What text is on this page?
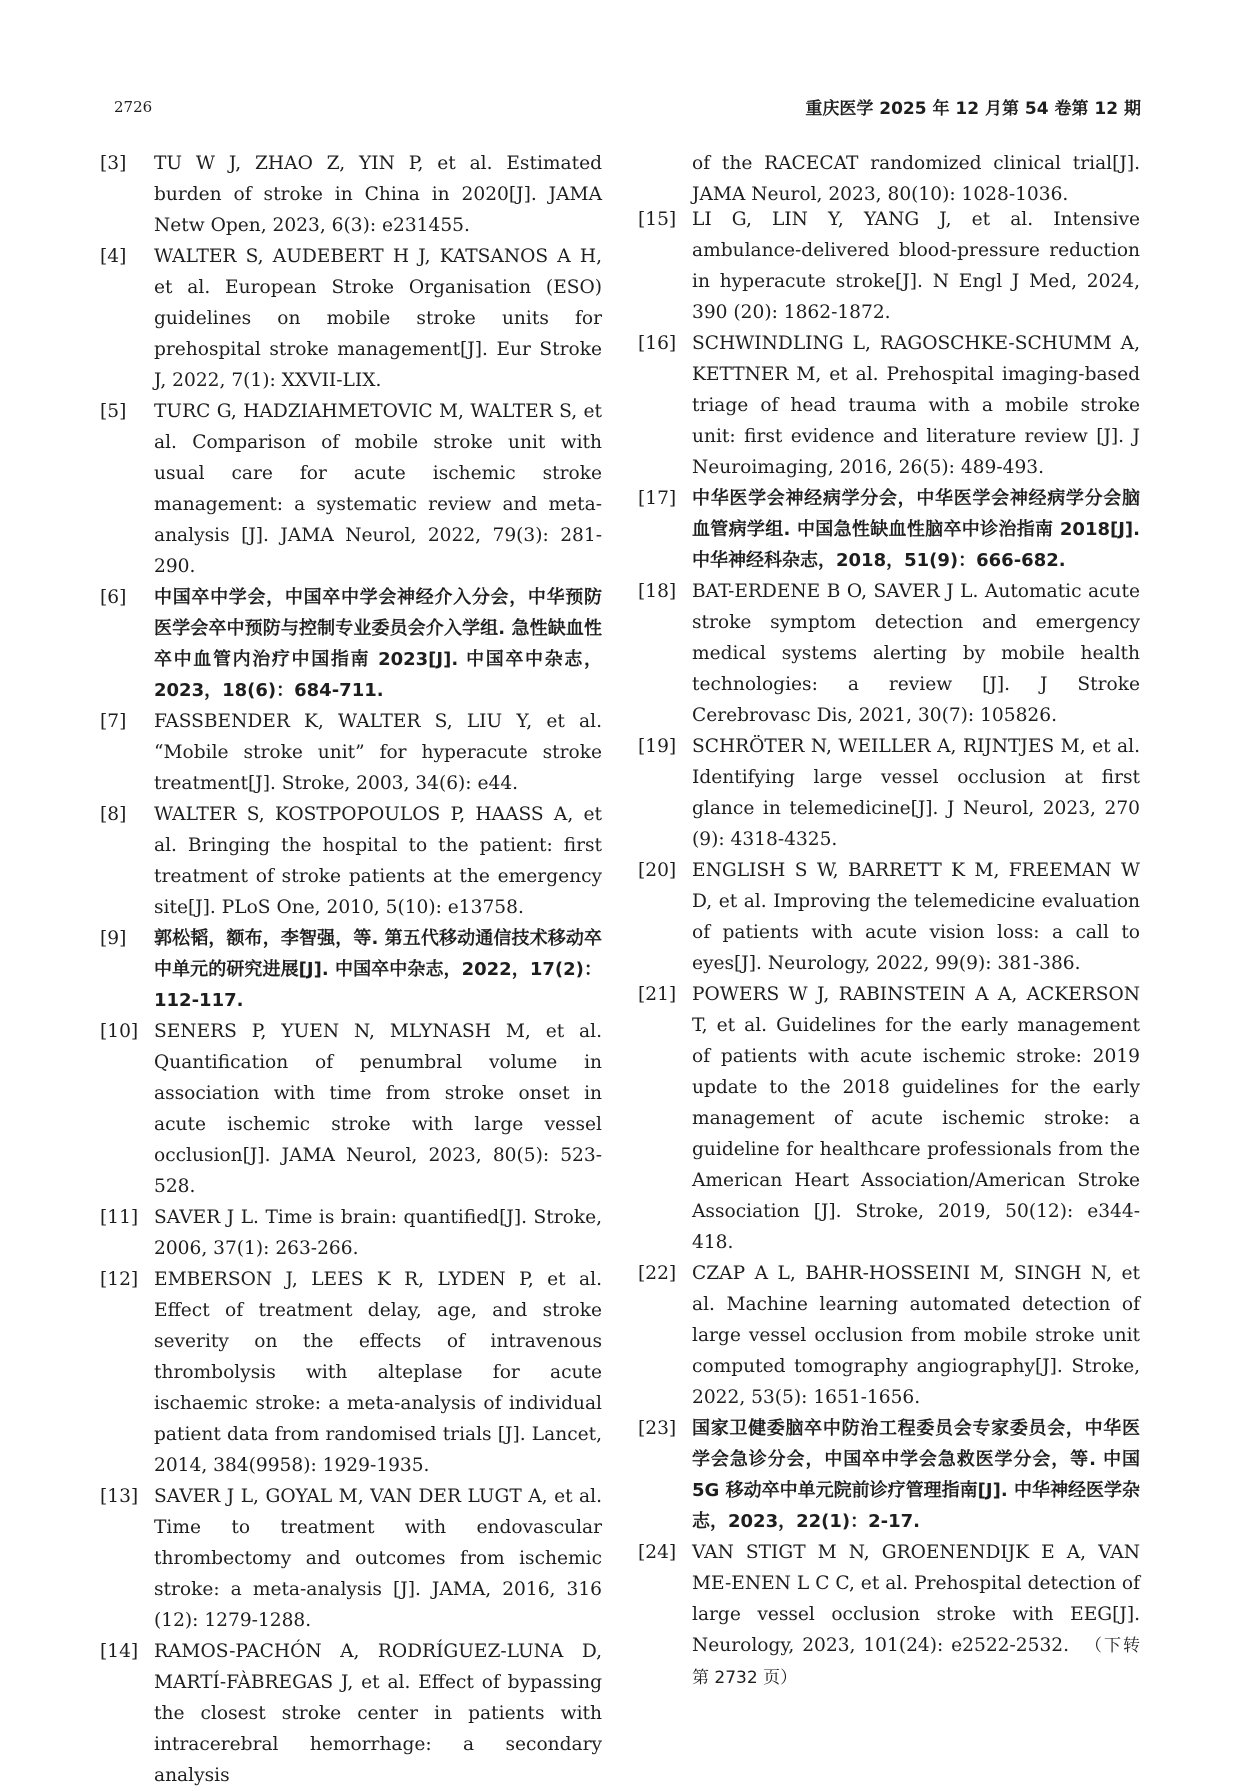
2726	重庆医学 2025 年 12 月第 54 卷第 12 期
[3]	TU W J, ZHAO Z, YIN P, et al. Estimated burden of stroke in China in 2020[J]. JAMA Netw Open, 2023, 6(3): e231455.
[4]	WALTER S, AUDEBERT H J, KATSANOS A H, et al. European Stroke Organisation (ESO) guidelines on mobile stroke units for prehospital stroke management[J]. Eur Stroke J, 2022, 7(1): XXVII-LIX.
[5]	TURC G, HADZIAHMETOVIC M, WALTER S, et al. Comparison of mobile stroke unit with usual care for acute ischemic stroke management: a systematic review and meta-analysis [J]. JAMA Neurol, 2022, 79(3): 281-290.
[6]	中国卒中学会，中国卒中学会神经介入分会，中华预防医学会卒中预防与控制专业委员会介入学组. 急性缺血性卒中血管内治疗中国指南 2023[J]. 中国卒中杂志，2023，18(6)：684-711.
[7]	FASSBENDER K, WALTER S, LIU Y, et al. “Mobile stroke unit” for hyperacute stroke treatment[J]. Stroke, 2003, 34(6): e44.
[8]	WALTER S, KOSTPOPOULOS P, HAASS A, et al. Bringing the hospital to the patient: first treatment of stroke patients at the emergency site[J]. PLoS One, 2010, 5(10): e13758.
[9]	郭松韬，额布，李智强，等. 第五代移动通信技术移动卒中单元的研究进展[J]. 中国卒中杂志，2022，17(2)：112-117.
[10] SENERS P, YUEN N, MLYNASH M, et al. Quantification of penumbral volume in association with time from stroke onset in acute ischemic stroke with large vessel occlusion[J]. JAMA Neurol, 2023, 80(5): 523-528.
[11] SAVER J L. Time is brain: quantified[J]. Stroke, 2006, 37(1): 263-266.
[12] EMBERSON J, LEES K R, LYDEN P, et al. Effect of treatment delay, age, and stroke severity on the effects of intravenous thrombolysis with alteplase for acute ischaemic stroke: a meta-analysis of individual patient data from randomised trials [J]. Lancet, 2014, 384(9958): 1929-1935.
[13] SAVER J L, GOYAL M, VAN DER LUGT A, et al. Time to treatment with endovascular thrombectomy and outcomes from ischemic stroke: a meta-analysis [J]. JAMA, 2016, 316 (12): 1279-1288.
[14] RAMOS-PACHÓN A, RODRÍGUEZ-LUNA D, MARTÍ-FÀBREGAS J, et al. Effect of bypassing the closest stroke center in patients with intracerebral hemorrhage: a secondary analysis
of the RACECAT randomized clinical trial[J]. JAMA Neurol, 2023, 80(10): 1028-1036.
[15] LI G, LIN Y, YANG J, et al. Intensive ambulance-delivered blood-pressure reduction in hyperacute stroke[J]. N Engl J Med, 2024, 390 (20): 1862-1872.
[16] SCHWINDLING L, RAGOSCHKE-SCHUMM A, KETTNER M, et al. Prehospital imaging-based triage of head trauma with a mobile stroke unit: first evidence and literature review [J]. J Neuroimaging, 2016, 26(5): 489-493.
[17] 中华医学会神经病学分会，中华医学会神经病学分会脑血管病学组. 中国急性缺血性脑卒中诊治指南 2018[J]. 中华神经科杂志，2018，51(9)：666-682.
[18] BAT-ERDENE B O, SAVER J L. Automatic acute stroke symptom detection and emergency medical systems alerting by mobile health technologies: a review [J]. J Stroke Cerebrovasc Dis, 2021, 30(7): 105826.
[19] SCHRÖTER N, WEILLER A, RIJNTJES M, et al. Identifying large vessel occlusion at first glance in telemedicine[J]. J Neurol, 2023, 270 (9): 4318-4325.
[20] ENGLISH S W, BARRETT K M, FREEMAN W D, et al. Improving the telemedicine evaluation of patients with acute vision loss: a call to eyes[J]. Neurology, 2022, 99(9): 381-386.
[21] POWERS W J, RABINSTEIN A A, ACKERSON T, et al. Guidelines for the early management of patients with acute ischemic stroke: 2019 update to the 2018 guidelines for the early management of acute ischemic stroke: a guideline for healthcare professionals from the American Heart Association/American Stroke Association [J]. Stroke, 2019, 50(12): e344-418.
[22] CZAP A L, BAHR-HOSSEINI M, SINGH N, et al. Machine learning automated detection of large vessel occlusion from mobile stroke unit computed tomography angiography[J]. Stroke, 2022, 53(5): 1651-1656.
[23] 国家卫健委脑卒中防治工程委员会专家委员会，中华医学会急诊分会，中国卒中学会急救医学分会，等. 中国 5G 移动卒中单元院前诊疗管理指南[J]. 中华神经医学杂志，2023，22(1)：2-17.
[24] VAN STIGT M N, GROENENDIJK E A, VAN ME-ENEN L C C, et al. Prehospital detection of large vessel occlusion stroke with EEG[J]. Neurology, 2023, 101(24): e2522-2532. （下转第 2732 页）
